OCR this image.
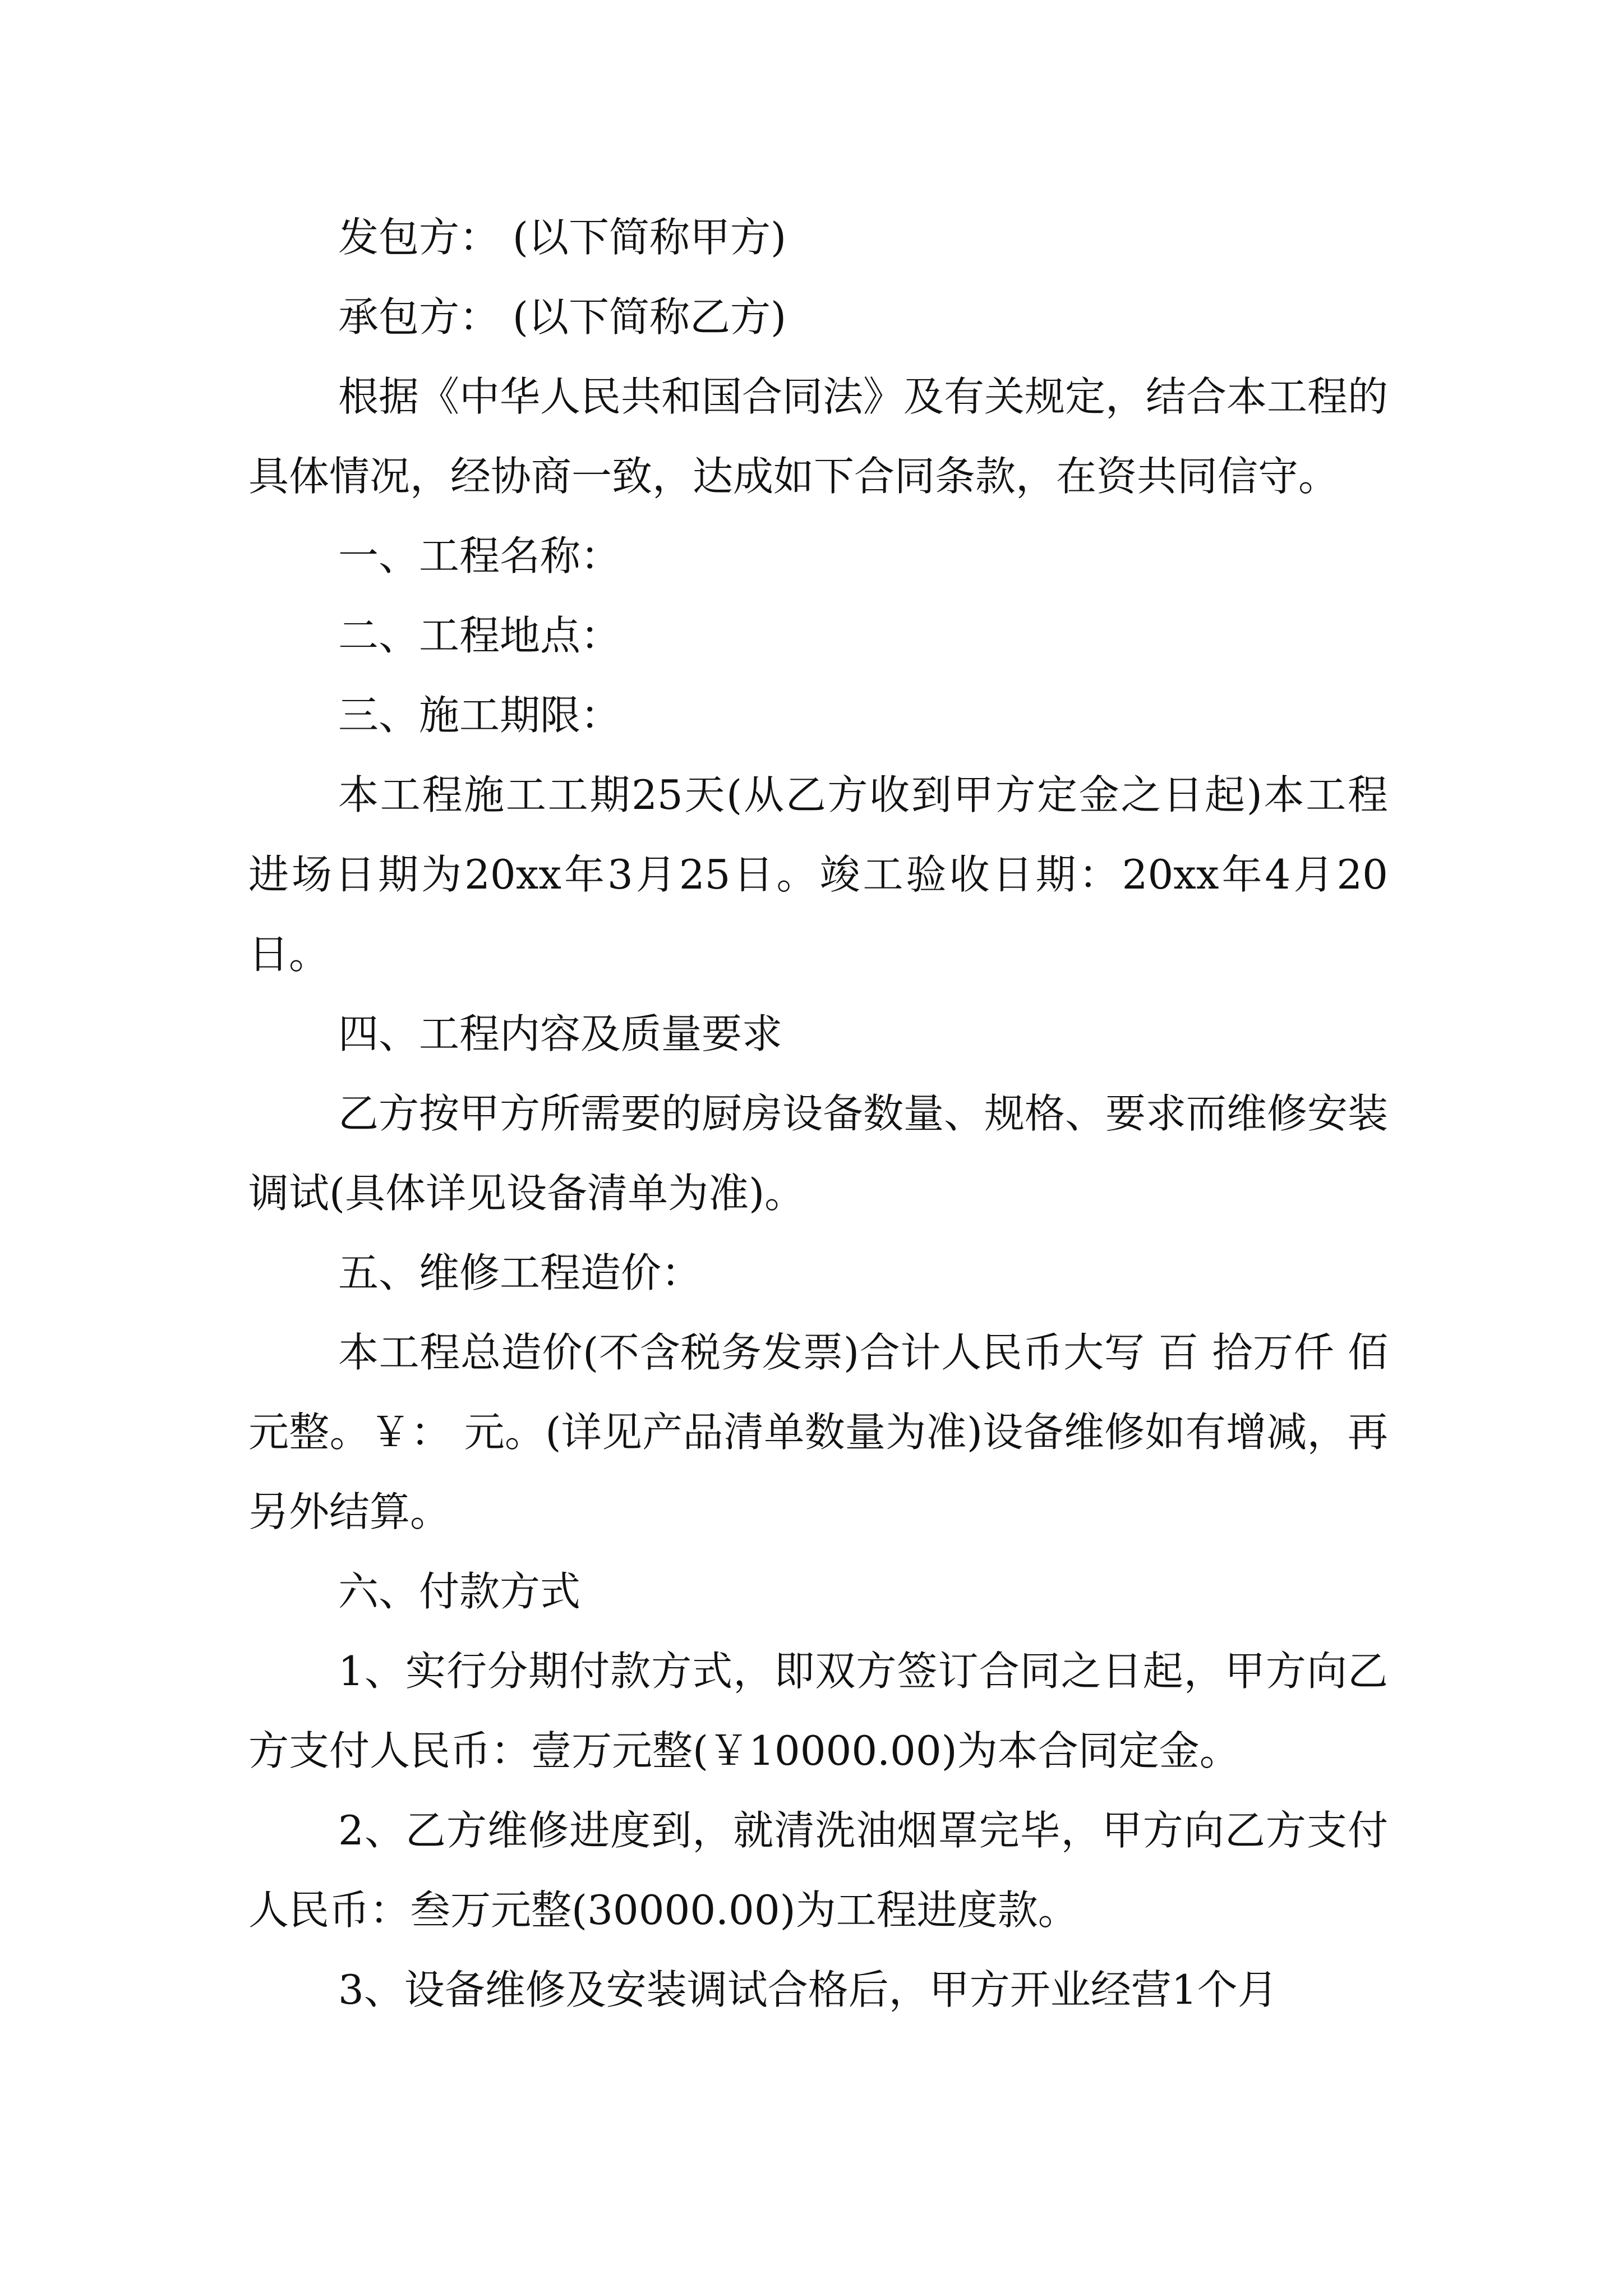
发包方： (以下简称甲方)

承包方： (以下简称乙方)

根据《中华人民共和国合同法》及有关规定，结合本工程的具体情况，经协商一致，达成如下合同条款，在资共同信守。

一、工程名称：

二、工程地点：

三、施工期限：

本工程施工工期25天(从乙方收到甲方定金之日起)本工程进场日期为20xx年3月25日。竣工验收日期：20xx年4月20日。

四、工程内容及质量要求

乙方按甲方所需要的厨房设备数量、规格、要求而维修安装调试(具体详见设备清单为准)。

五、维修工程造价：

本工程总造价(不含税务发票)合计人民币大写 百 拾万仟 佰 元整。￥： 元。(详见产品清单数量为准)设备维修如有增减，再另外结算。

六、付款方式

1、实行分期付款方式，即双方签订合同之日起，甲方向乙方支付人民币：壹万元整(￥10000.00)为本合同定金。

2、乙方维修进度到，就清洗油烟罩完毕，甲方向乙方支付人民币：叁万元整(30000.00)为工程进度款。

3、设备维修及安装调试合格后，甲方开业经营1个月
